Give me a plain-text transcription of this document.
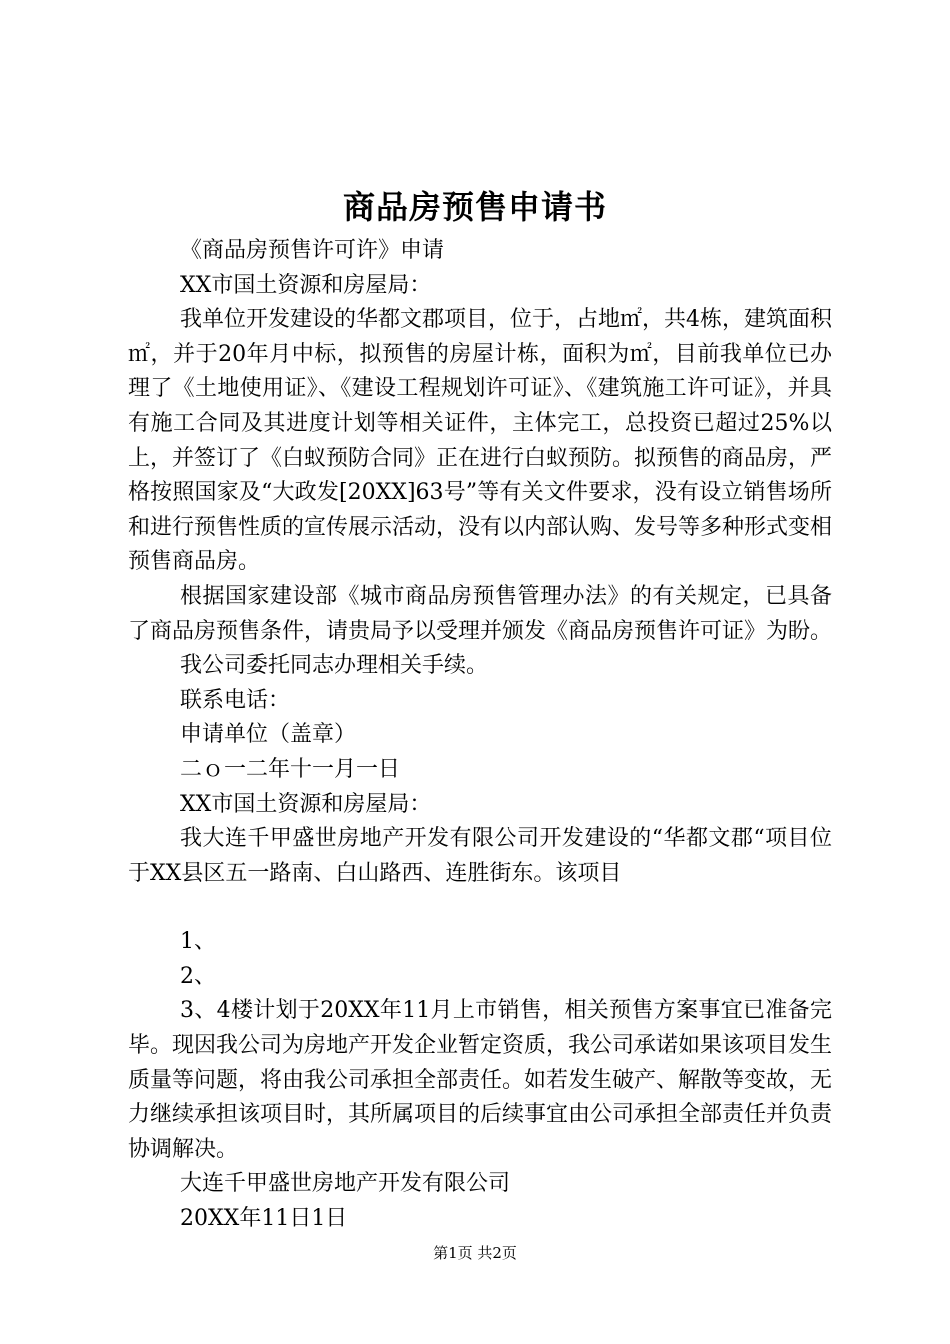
商品房预售申请书

《商品房预售许可许》申请

XX市国土资源和房屋局：

我单位开发建设的华都文郡项目，位于，占地㎡，共4栋，建筑面积㎡，并于20年月中标，拟预售的房屋计栋，面积为㎡，目前我单位已办理了《土地使用证》、《建设工程规划许可证》、《建筑施工许可证》，并具有施工合同及其进度计划等相关证件，主体完工，总投资已超过25%以上，并签订了《白蚁预防合同》正在进行白蚁预防。拟预售的商品房，严格按照国家及“大政发[20XX]63号”等有关文件要求，没有设立销售场所和进行预售性质的宣传展示活动，没有以内部认购、发号等多种形式变相预售商品房。

根据国家建设部《城市商品房预售管理办法》的有关规定，已具备了商品房预售条件，请贵局予以受理并颁发《商品房预售许可证》为盼。

我公司委托同志办理相关手续。

联系电话：

申请单位（盖章）

二ｏ一二年十一月一日

XX市国土资源和房屋局：

我大连千甲盛世房地产开发有限公司开发建设的“华都文郡“项目位于XX县区五一路南、白山路西、连胜街东。该项目

1、

2、

3、4楼计划于20XX年11月上市销售，相关预售方案事宜已准备完毕。现因我公司为房地产开发企业暂定资质，我公司承诺如果该项目发生质量等问题，将由我公司承担全部责任。如若发生破产、解散等变故，无力继续承担该项目时，其所属项目的后续事宜由公司承担全部责任并负责协调解决。

大连千甲盛世房地产开发有限公司

20XX年11日1日

第1页 共2页
